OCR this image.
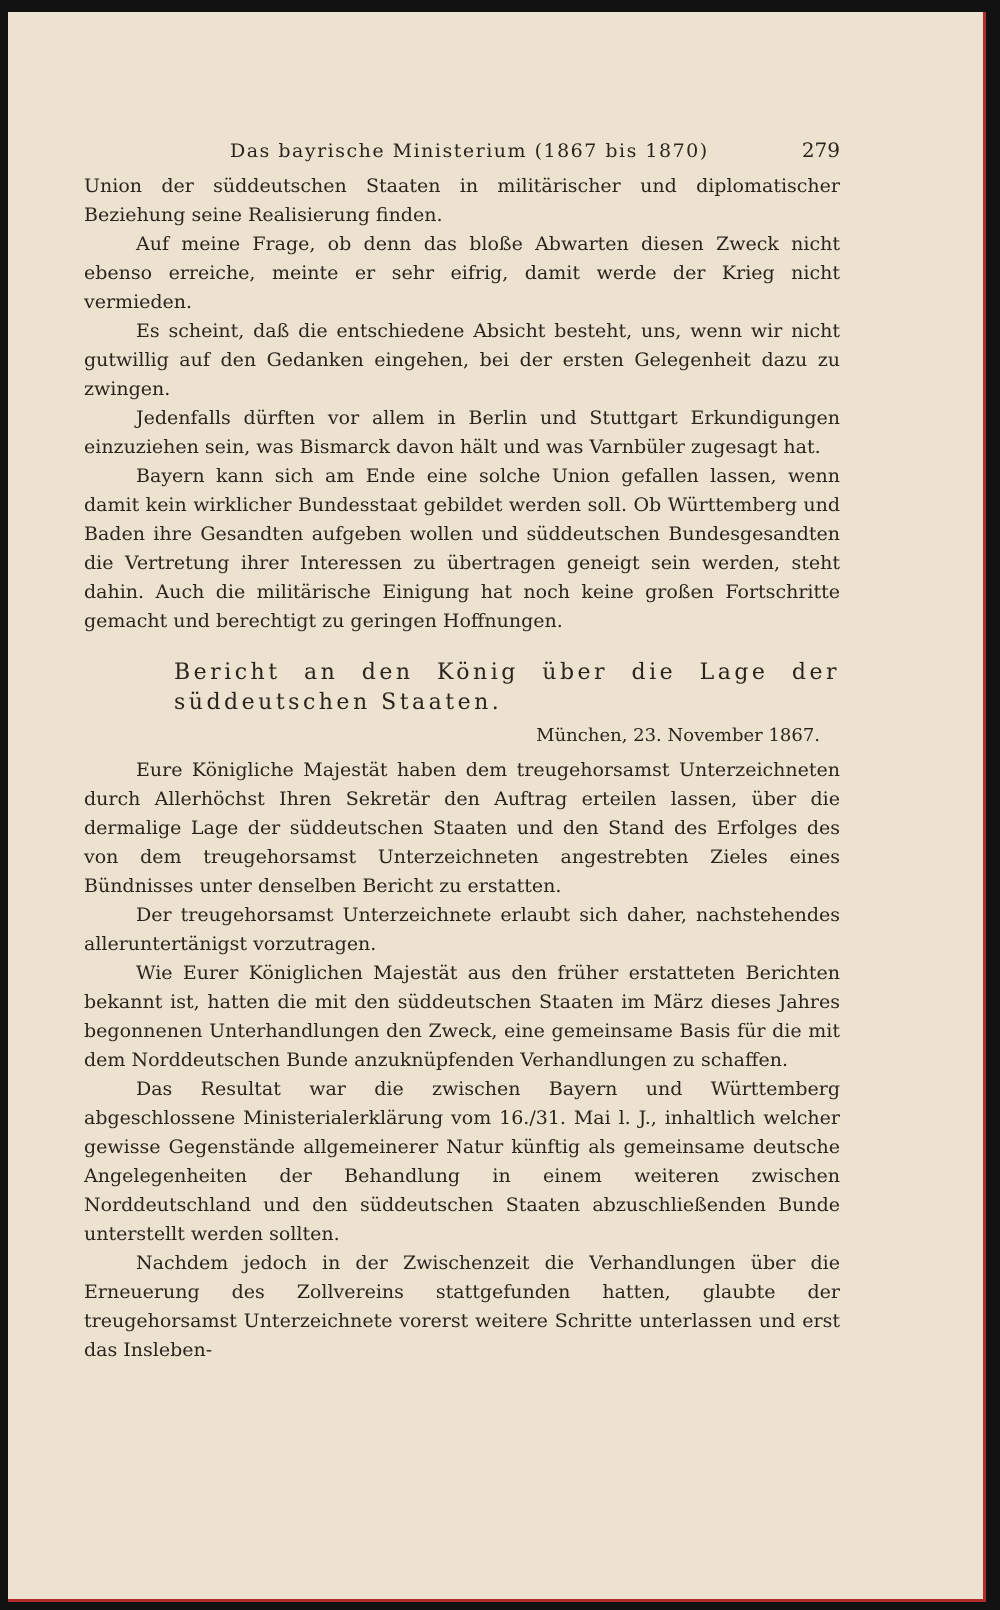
Das bayrische Ministerium (1867 bis 1870)	279

Union der süddeutschen Staaten in militärischer und diplomatischer Beziehung seine Realisierung finden.

Auf meine Frage, ob denn das bloße Abwarten diesen Zweck nicht ebenso erreiche, meinte er sehr eifrig, damit werde der Krieg nicht vermieden.

Es scheint, daß die entschiedene Absicht besteht, uns, wenn wir nicht gutwillig auf den Gedanken eingehen, bei der ersten Gelegenheit dazu zu zwingen.

Jedenfalls dürften vor allem in Berlin und Stuttgart Erkundigungen einzuziehen sein, was Bismarck davon hält und was Varnbüler zugesagt hat.

Bayern kann sich am Ende eine solche Union gefallen lassen, wenn damit kein wirklicher Bundesstaat gebildet werden soll. Ob Württemberg und Baden ihre Gesandten aufgeben wollen und süddeutschen Bundesgesandten die Vertretung ihrer Interessen zu übertragen geneigt sein werden, steht dahin. Auch die militärische Einigung hat noch keine großen Fortschritte gemacht und berechtigt zu geringen Hoffnungen.

Bericht an den König über die Lage der süddeutschen Staaten.

München, 23. November 1867.

Eure Königliche Majestät haben dem treugehorsamst Unterzeichneten durch Allerhöchst Ihren Sekretär den Auftrag erteilen lassen, über die dermalige Lage der süddeutschen Staaten und den Stand des Erfolges des von dem treugehorsamst Unterzeichneten angestrebten Zieles eines Bündnisses unter denselben Bericht zu erstatten.

Der treugehorsamst Unterzeichnete erlaubt sich daher, nachstehendes alleruntertänigst vorzutragen.

Wie Eurer Königlichen Majestät aus den früher erstatteten Berichten bekannt ist, hatten die mit den süddeutschen Staaten im März dieses Jahres begonnenen Unterhandlungen den Zweck, eine gemeinsame Basis für die mit dem Norddeutschen Bunde anzuknüpfenden Verhandlungen zu schaffen.

Das Resultat war die zwischen Bayern und Württemberg abgeschlossene Ministerialerklärung vom 16./31. Mai l. J., inhaltlich welcher gewisse Gegenstände allgemeinerer Natur künftig als gemeinsame deutsche Angelegenheiten der Behandlung in einem weiteren zwischen Norddeutschland und den süddeutschen Staaten abzuschließenden Bunde unterstellt werden sollten.

Nachdem jedoch in der Zwischenzeit die Verhandlungen über die Erneuerung des Zollvereins stattgefunden hatten, glaubte der treugehorsamst Unterzeichnete vorerst weitere Schritte unterlassen und erst das Insleben-
